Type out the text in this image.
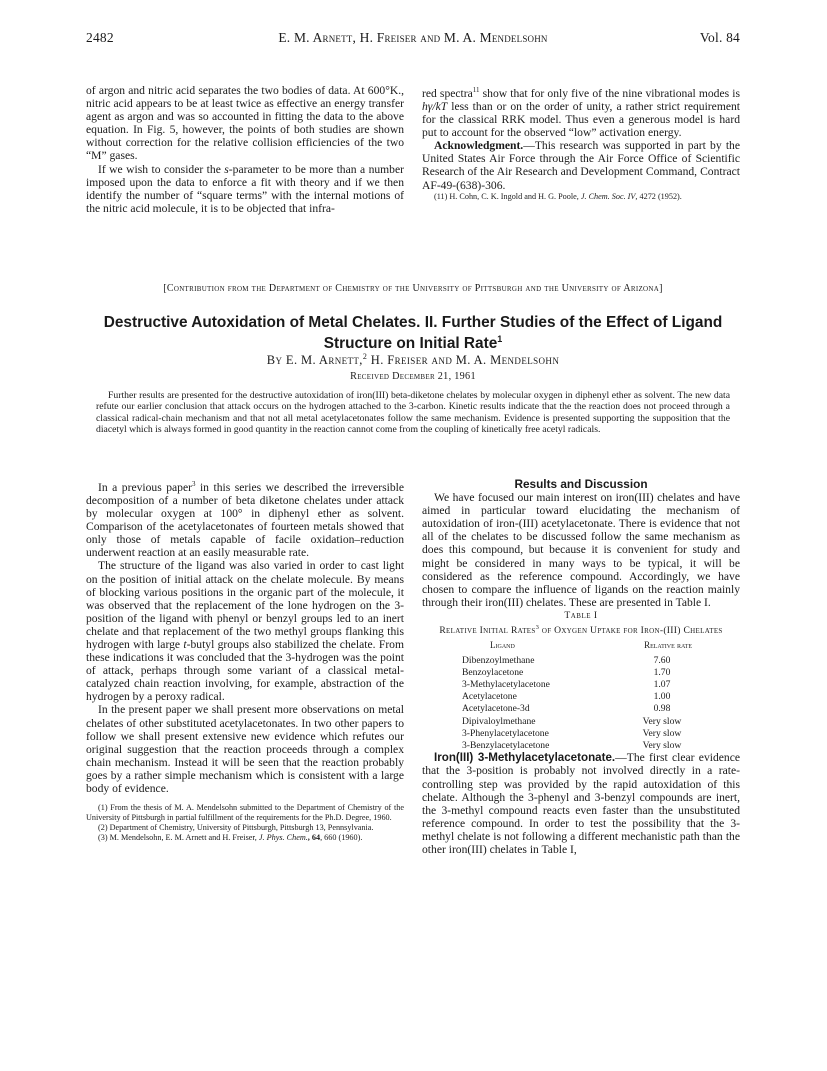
2482	E. M. Arnett, H. Freiser and M. A. Mendelsohn	Vol. 84

of argon and nitric acid separates the two bodies of data. At 600°K., nitric acid appears to be at least twice as effective an energy transfer agent as argon and was so accounted in fitting the data to the above equation. In Fig. 5, however, the points of both studies are shown without correction for the relative collision efficiencies of the two “M” gases.

If we wish to consider the s-parameter to be more than a number imposed upon the data to enforce a fit with theory and if we then identify the number of “square terms” with the internal motions of the nitric acid molecule, it is to be objected that infra-

red spectra$^{11}$ show that for only five of the nine vibrational modes is hγ/kT less than or on the order of unity, a rather strict requirement for the classical RRK model. Thus even a generous model is hard put to account for the observed “low” activation energy.

Acknowledgment.—This research was supported in part by the United States Air Force through the Air Force Office of Scientific Research of the Air Research and Development Command, Contract AF-49-(638)-306.

(11) H. Cohn, C. K. Ingold and H. G. Poole, J. Chem. Soc. IV, 4272 (1952).

[Contribution from the Department of Chemistry of the University of Pittsburgh and the University of Arizona]
Destructive Autoxidation of Metal Chelates. II. Further Studies of the Effect of Ligand Structure on Initial Rate$^1$
By E. M. Arnett,$^2$ H. Freiser and M. A. Mendelsohn
Received December 21, 1961
Further results are presented for the destructive autoxidation of iron(III) beta-diketone chelates by molecular oxygen in diphenyl ether as solvent. The new data refute our earlier conclusion that attack occurs on the hydrogen attached to the 3-carbon. Kinetic results indicate that the the reaction does not proceed through a classical radical-chain mechanism and that not all metal acetylacetonates follow the same mechanism. Evidence is presented supporting the supposition that the diacetyl which is always formed in good quantity in the reaction cannot come from the coupling of kinetically free acetyl radicals.

In a previous paper$^3$ in this series we described the irreversible decomposition of a number of beta diketone chelates under attack by molecular oxygen at 100° in diphenyl ether as solvent. Comparison of the acetylacetonates of fourteen metals showed that only those of metals capable of facile oxidation–reduction underwent reaction at an easily measurable rate.

The structure of the ligand was also varied in order to cast light on the position of initial attack on the chelate molecule. By means of blocking various positions in the organic part of the molecule, it was observed that the replacement of the lone hydrogen on the 3-position of the ligand with phenyl or benzyl groups led to an inert chelate and that replacement of the two methyl groups flanking this hydrogen with large t-butyl groups also stabilized the chelate. From these indications it was concluded that the 3-hydrogen was the point of attack, perhaps through some variant of a classical metal-catalyzed chain reaction involving, for example, abstraction of the hydrogen by a peroxy radical.

In the present paper we shall present more observations on metal chelates of other substituted acetylacetonates. In two other papers to follow we shall present extensive new evidence which refutes our original suggestion that the reaction proceeds through a complex chain mechanism. Instead it will be seen that the reaction probably goes by a rather simple mechanism which is consistent with a large body of evidence.

(1) From the thesis of M. A. Mendelsohn submitted to the Department of Chemistry of the University of Pittsburgh in partial fulfillment of the requirements for the Ph.D. Degree, 1960.

(2) Department of Chemistry, University of Pittsburgh, Pittsburgh 13, Pennsylvania.

(3) M. Mendelsohn, E. M. Arnett and H. Freiser, J. Phys. Chem., 64, 660 (1960).

Results and Discussion

We have focused our main interest on iron(III) chelates and have aimed in particular toward elucidating the mechanism of autoxidation of iron-(III) acetylacetonate. There is evidence that not all of the chelates to be discussed follow the same mechanism as does this compound, but because it is convenient for study and might be considered in many ways to be typical, it will be considered as the reference compound. Accordingly, we have chosen to compare the influence of ligands on the reaction mainly through their iron(III) chelates. These are presented in Table I.

Table I

Relative Initial Rates$^3$ of Oxygen Uptake for Iron-(III) Chelates

Ligand	Relative rate
Dibenzoylmethane	7.60
Benzoylacetone	1.70
3-Methylacetylacetone	1.07
Acetylacetone	1.00
Acetylacetone-3d	0.98
Dipivaloylmethane	Very slow
3-Phenylacetylacetone	Very slow
3-Benzylacetylacetone	Very slow

Iron(III) 3-Methylacetylacetonate.—The first clear evidence that the 3-position is probably not involved directly in a rate-controlling step was provided by the rapid autoxidation of this chelate. Although the 3-phenyl and 3-benzyl compounds are inert, the 3-methyl compound reacts even faster than the unsubstituted reference compound. In order to test the possibility that the 3-methyl chelate is not following a different mechanistic path than the other iron(III) chelates in Table I,
